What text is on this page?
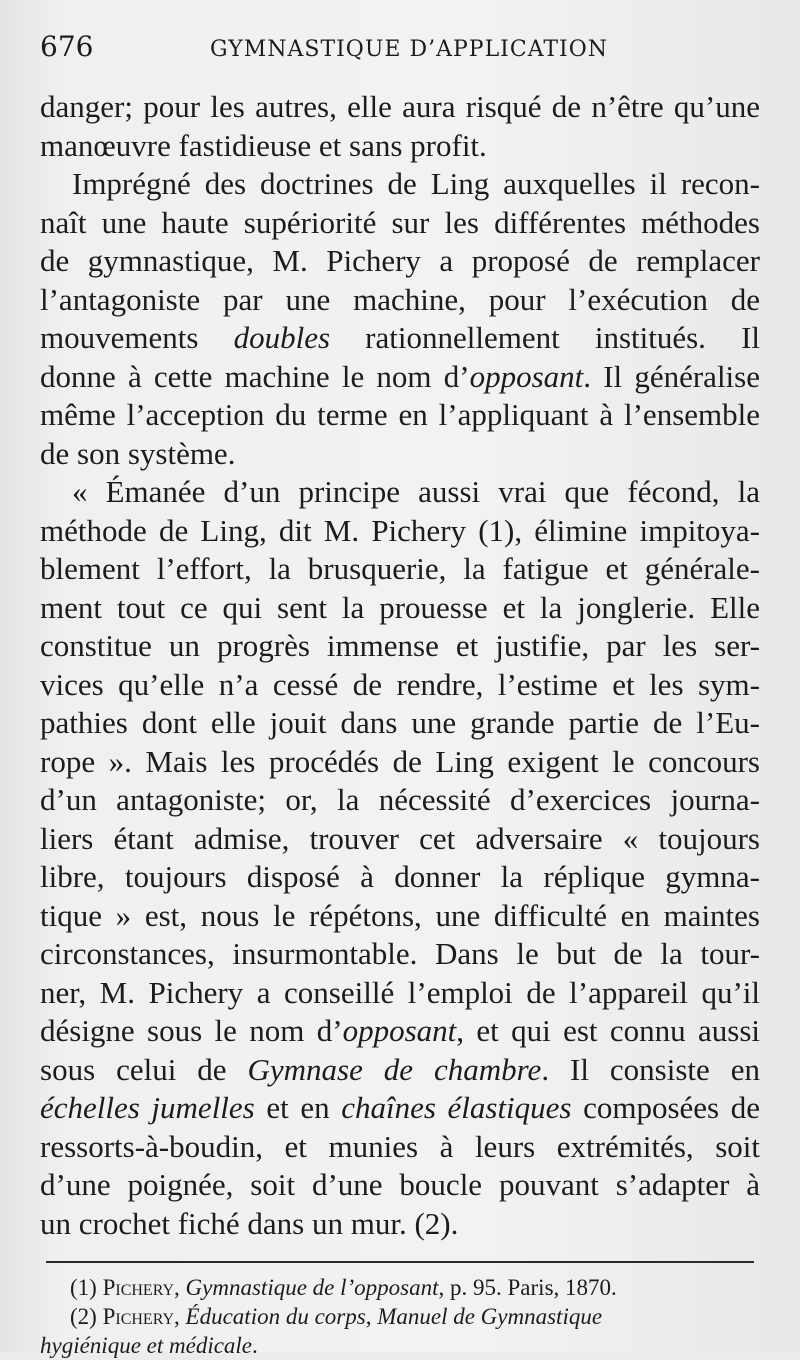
676	GYMNASTIQUE D’APPLICATION
danger; pour les autres, elle aura risqué de n’être qu’une
manœuvre fastidieuse et sans profit.
Imprégné des doctrines de Ling auxquelles il recon-
naît une haute supériorité sur les différentes méthodes
de gymnastique, M. Pichery a proposé de remplacer
l’antagoniste par une machine, pour l’exécution de
mouvements doubles rationnellement institués. Il
donne à cette machine le nom d’opposant. Il généralise
même l’acception du terme en l’appliquant à l’ensemble
de son système.
« Émanée d’un principe aussi vrai que fécond, la
méthode de Ling, dit M. Pichery (1), élimine impitoya-
blement l’effort, la brusquerie, la fatigue et générale-
ment tout ce qui sent la prouesse et la jonglerie. Elle
constitue un progrès immense et justifie, par les ser-
vices qu’elle n’a cessé de rendre, l’estime et les sym-
pathies dont elle jouit dans une grande partie de l’Eu-
rope ». Mais les procédés de Ling exigent le concours
d’un antagoniste; or, la nécessité d’exercices journa-
liers étant admise, trouver cet adversaire « toujours
libre, toujours disposé à donner la réplique gymna-
tique » est, nous le répétons, une difficulté en maintes
circonstances, insurmontable. Dans le but de la tour-
ner, M. Pichery a conseillé l’emploi de l’appareil qu’il
désigne sous le nom d’opposant, et qui est connu aussi
sous celui de Gymnase de chambre. Il consiste en
échelles jumelles et en chaînes élastiques composées de
ressorts-à-boudin, et munies à leurs extrémités, soit
d’une poignée, soit d’une boucle pouvant s’adapter à
un crochet fiché dans un mur. (2).
(1) Pichery, Gymnastique de l’opposant, p. 95. Paris, 1870.
(2) Pichery, Éducation du corps, Manuel de Gymnastique
hygiénique et médicale.
